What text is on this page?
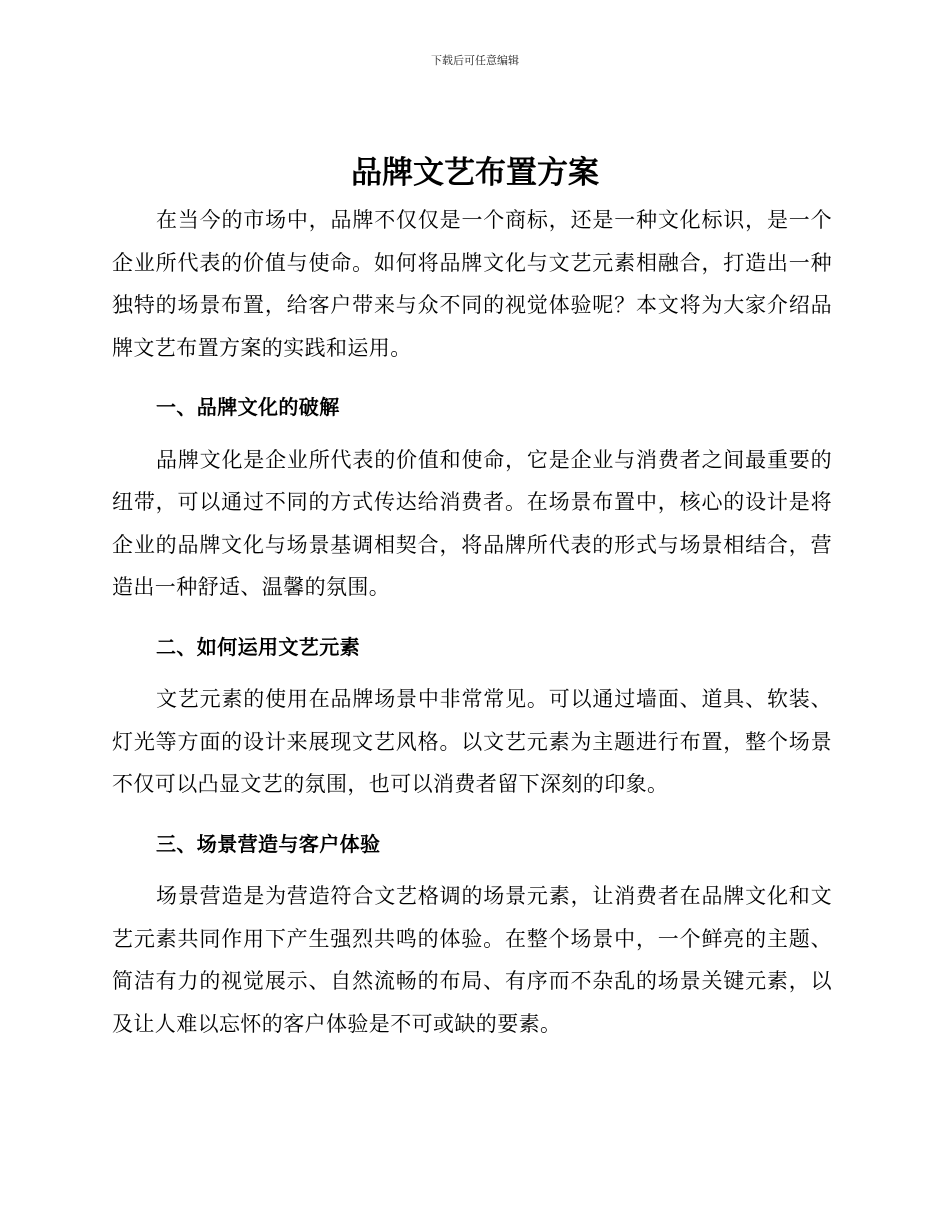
下载后可任意编辑
品牌文艺布置方案

在当今的市场中，品牌不仅仅是一个商标，还是一种文化标识，是一个企业所代表的价值与使命。如何将品牌文化与文艺元素相融合，打造出一种独特的场景布置，给客户带来与众不同的视觉体验呢？本文将为大家介绍品牌文艺布置方案的实践和运用。

一、品牌文化的破解

品牌文化是企业所代表的价值和使命，它是企业与消费者之间最重要的纽带，可以通过不同的方式传达给消费者。在场景布置中，核心的设计是将企业的品牌文化与场景基调相契合，将品牌所代表的形式与场景相结合，营造出一种舒适、温馨的氛围。

二、如何运用文艺元素

文艺元素的使用在品牌场景中非常常见。可以通过墙面、道具、软装、灯光等方面的设计来展现文艺风格。以文艺元素为主题进行布置，整个场景不仅可以凸显文艺的氛围，也可以消费者留下深刻的印象。

三、场景营造与客户体验

场景营造是为营造符合文艺格调的场景元素，让消费者在品牌文化和文艺元素共同作用下产生强烈共鸣的体验。在整个场景中，一个鲜亮的主题、简洁有力的视觉展示、自然流畅的布局、有序而不杂乱的场景关键元素，以及让人难以忘怀的客户体验是不可或缺的要素。
